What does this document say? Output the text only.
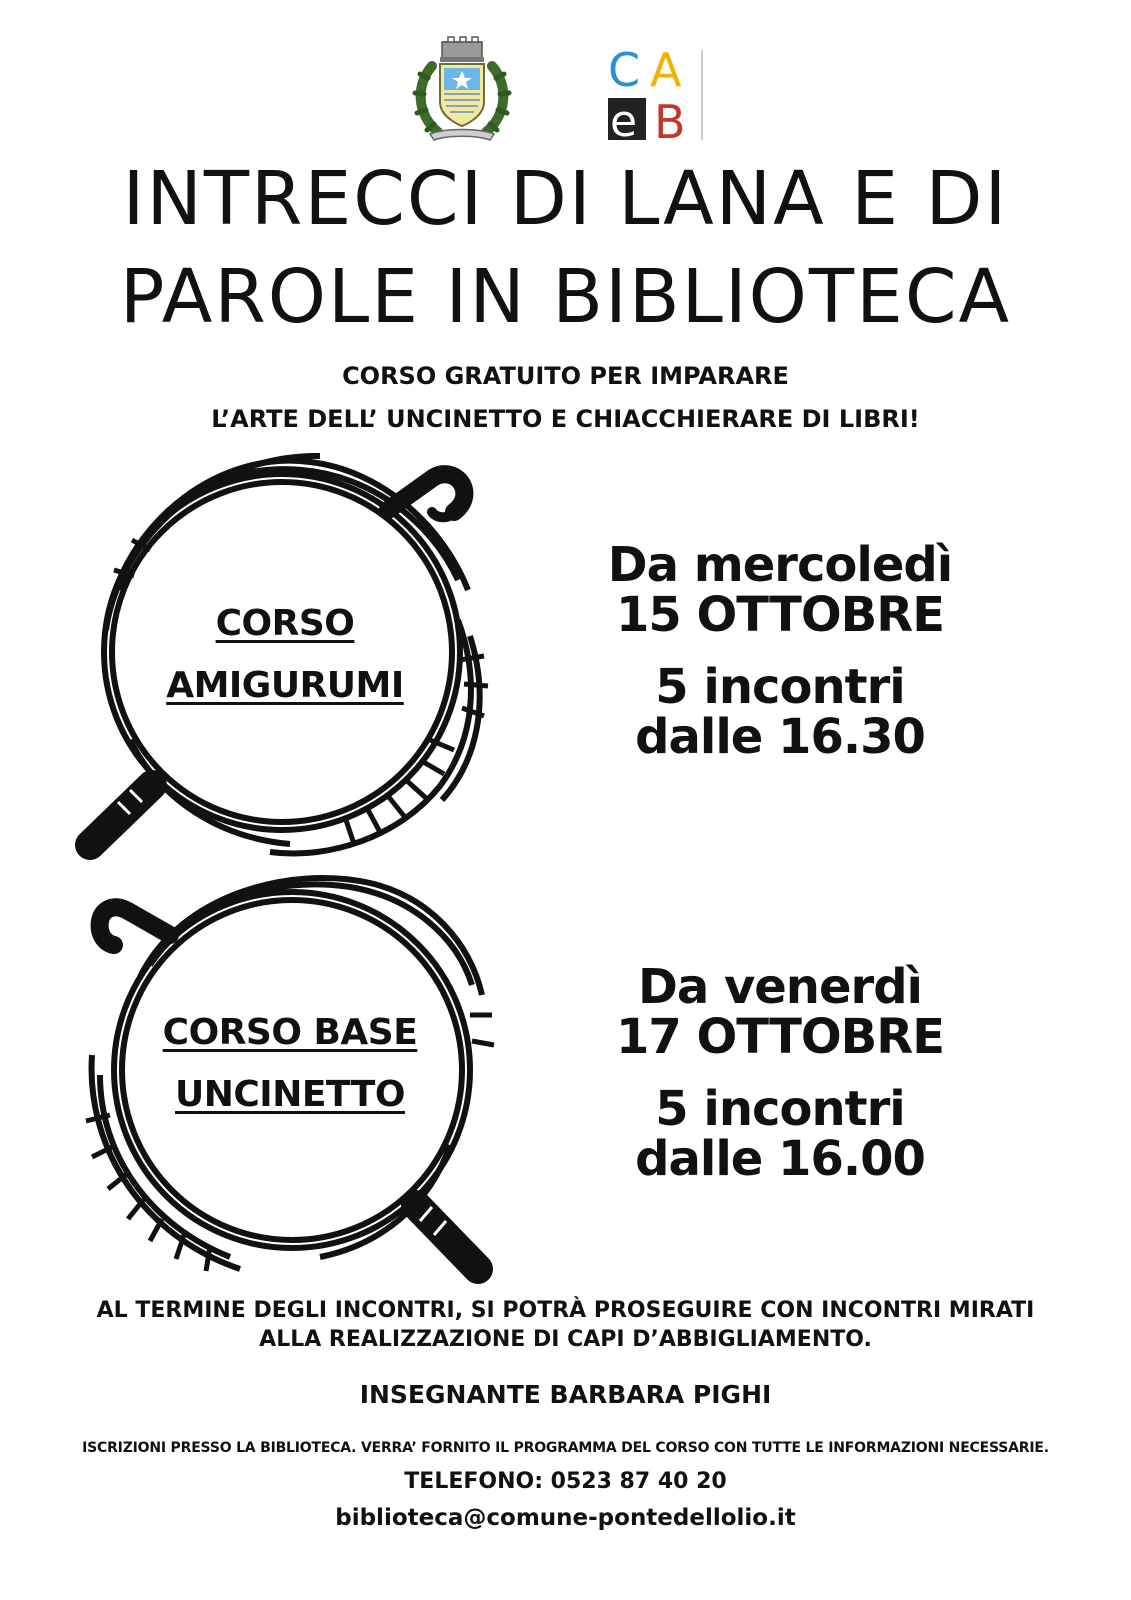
C A
e B
INTRECCI DI LANA E DI
PAROLE IN BIBLIOTECA
CORSO GRATUITO PER IMPARARE
L’ARTE DELL’ UNCINETTO E CHIACCHIERARE DI LIBRI!
CORSO
AMIGURUMI
CORSO BASE
UNCINETTO
Da mercoledì
15 OTTOBRE
5 incontri
dalle 16.30
Da venerdì
17 OTTOBRE
5 incontri
dalle 16.00
AL TERMINE DEGLI INCONTRI, SI POTRÀ PROSEGUIRE CON INCONTRI MIRATI
ALLA REALIZZAZIONE DI CAPI D’ABBIGLIAMENTO.
INSEGNANTE BARBARA PIGHI
ISCRIZIONI PRESSO LA BIBLIOTECA. VERRA’ FORNITO IL PROGRAMMA DEL CORSO CON TUTTE LE INFORMAZIONI NECESSARIE.
TELEFONO: 0523 87 40 20
biblioteca@comune-pontedellolio.it
